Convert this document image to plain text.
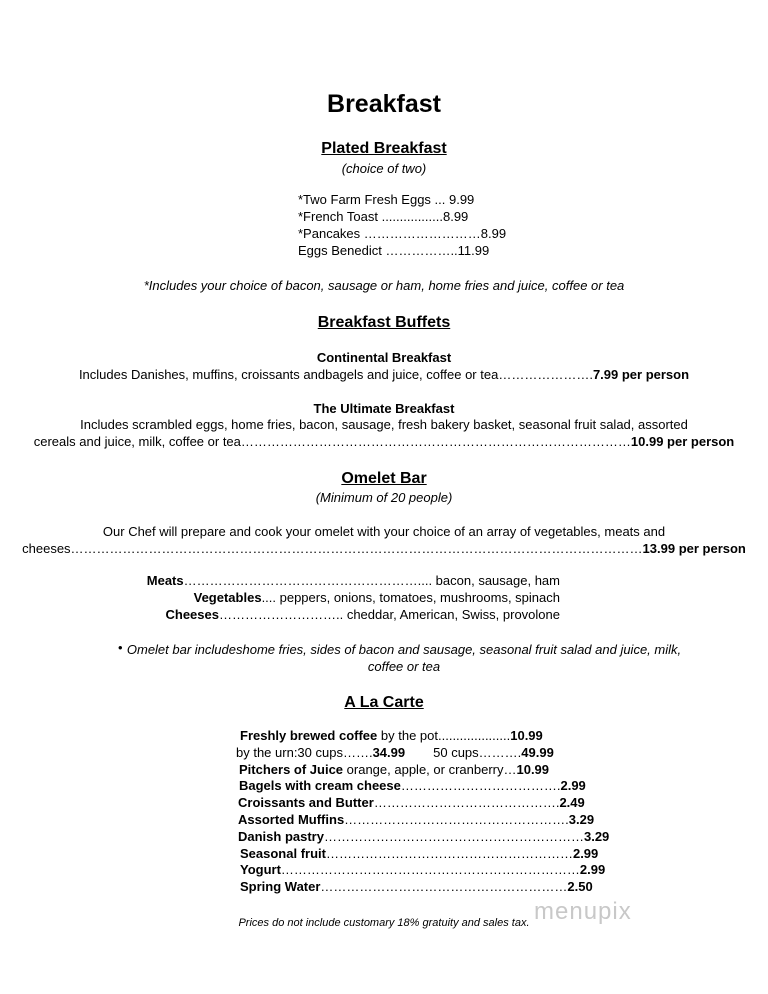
Breakfast
Plated Breakfast
(choice of two)
*Two Farm Fresh Eggs ... 9.99
*French Toast .................8.99
*Pancakes ………………………8.99
Eggs Benedict ……………..11.99
*Includes your choice of bacon, sausage or ham, home fries and juice, coffee or tea
Breakfast Buffets
Continental Breakfast
Includes Danishes, muffins, croissants andbagels and juice, coffee or tea………………….7.99 per person
The Ultimate Breakfast
Includes scrambled eggs, home fries, bacon, sausage, fresh bakery basket, seasonal fruit salad, assorted
cereals and juice, milk, coffee or tea………………………………………………………………………………10.99 per person
Omelet Bar
(Minimum of 20 people)
Our Chef will prepare and cook your omelet with your choice of an array of vegetables, meats and
cheeses……………………………………………………………………………………………………………………13.99 per person
Meats……………………………………………….... bacon, sausage, ham
Vegetables.... peppers, onions, tomatoes, mushrooms, spinach
Cheeses……………………….. cheddar, American, Swiss, provolone
• Omelet bar includeshome fries, sides of bacon and sausage, seasonal fruit salad and juice, milk,
coffee or tea
A La Carte
Freshly brewed coffee by the pot....................10.99
by the urn:30 cups…….34.99 50 cups……….49.99
Pitchers of Juice orange, apple, or cranberry…10.99
Bagels with cream cheese……………………………….2.99
Croissants and Butter…………………………………….2.49
Assorted Muffins…………………………………………….3.29
Danish pastry……………………………………………………3.29
Seasonal fruit…………………………………………………2.99
Yogurt……………………………………………………………2.99
Spring Water…………………………………………………2.50
Prices do not include customary 18% gratuity and sales tax. menupix
